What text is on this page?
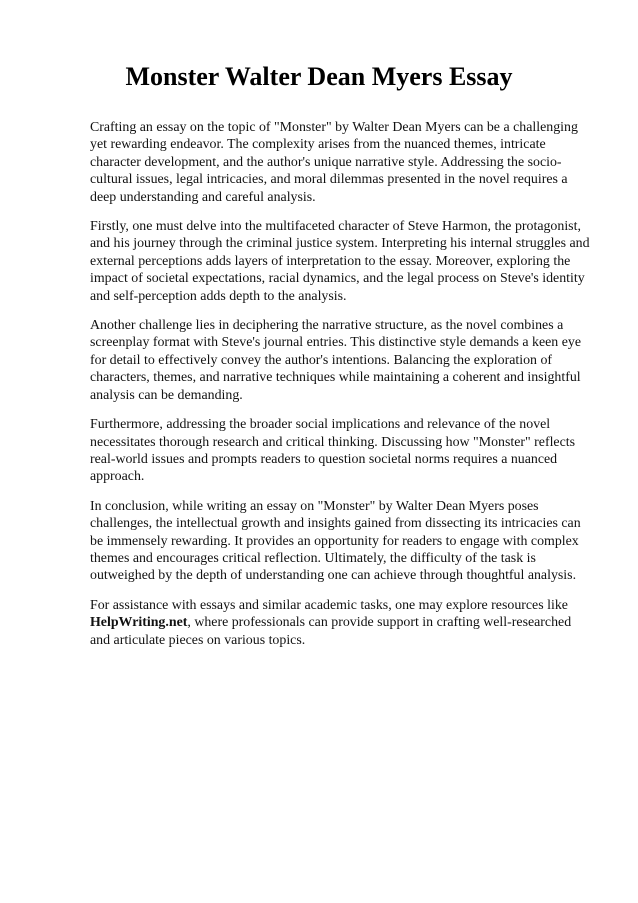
Monster Walter Dean Myers Essay

Crafting an essay on the topic of "Monster" by Walter Dean Myers can be a challenging yet rewarding endeavor. The complexity arises from the nuanced themes, intricate character development, and the author's unique narrative style. Addressing the socio-cultural issues, legal intricacies, and moral dilemmas presented in the novel requires a deep understanding and careful analysis.

Firstly, one must delve into the multifaceted character of Steve Harmon, the protagonist, and his journey through the criminal justice system. Interpreting his internal struggles and external perceptions adds layers of interpretation to the essay. Moreover, exploring the impact of societal expectations, racial dynamics, and the legal process on Steve's identity and self-perception adds depth to the analysis.

Another challenge lies in deciphering the narrative structure, as the novel combines a screenplay format with Steve's journal entries. This distinctive style demands a keen eye for detail to effectively convey the author's intentions. Balancing the exploration of characters, themes, and narrative techniques while maintaining a coherent and insightful analysis can be demanding.

Furthermore, addressing the broader social implications and relevance of the novel necessitates thorough research and critical thinking. Discussing how "Monster" reflects real-world issues and prompts readers to question societal norms requires a nuanced approach.

In conclusion, while writing an essay on "Monster" by Walter Dean Myers poses challenges, the intellectual growth and insights gained from dissecting its intricacies can be immensely rewarding. It provides an opportunity for readers to engage with complex themes and encourages critical reflection. Ultimately, the difficulty of the task is outweighed by the depth of understanding one can achieve through thoughtful analysis.

For assistance with essays and similar academic tasks, one may explore resources like HelpWriting.net, where professionals can provide support in crafting well-researched and articulate pieces on various topics.
